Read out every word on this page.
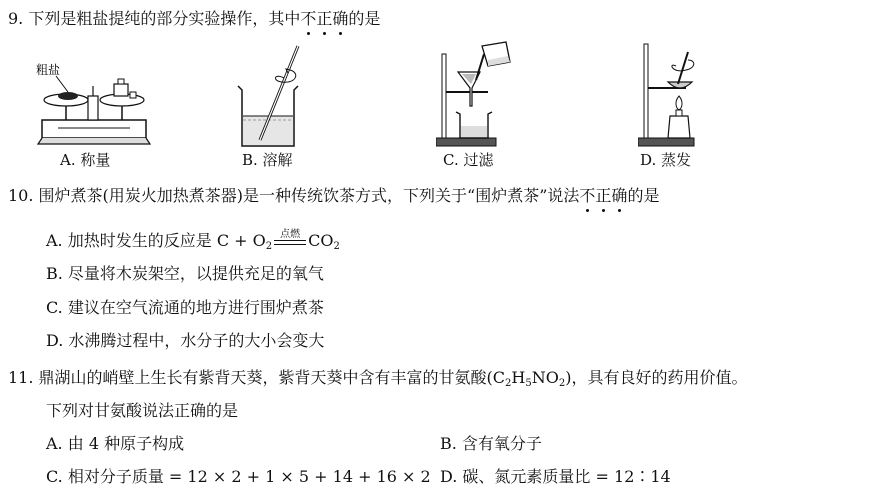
9. 下列是粗盐提纯的部分实验操作，其中不正确的是
粗盐
A. 称量	B. 溶解	C. 过滤	D. 蒸发
10. 围炉煮茶(用炭火加热煮茶器)是一种传统饮茶方式，下列关于“围炉煮茶”说法不正确的是
A. 加热时发生的反应是 $C + O_2$
点燃 $CO_2$
B. 尽量将木炭架空，以提供充足的氧气
C. 建议在空气流通的地方进行围炉煮茶
D. 水沸腾过程中，水分子的大小会变大
11. 鼎湖山的峭壁上生长有紫背天葵，紫背天葵中含有丰富的甘氨酸$(C_2H_5NO_2)$，具有良好的药用价值。
下列对甘氨酸说法正确的是
A. 由 4 种原子构成	B. 含有氧分子
C. 相对分子质量 = 12 × 2 + 1 × 5 + 14 + 16 × 2 D. 碳、氮元素质量比 = 12∶14
